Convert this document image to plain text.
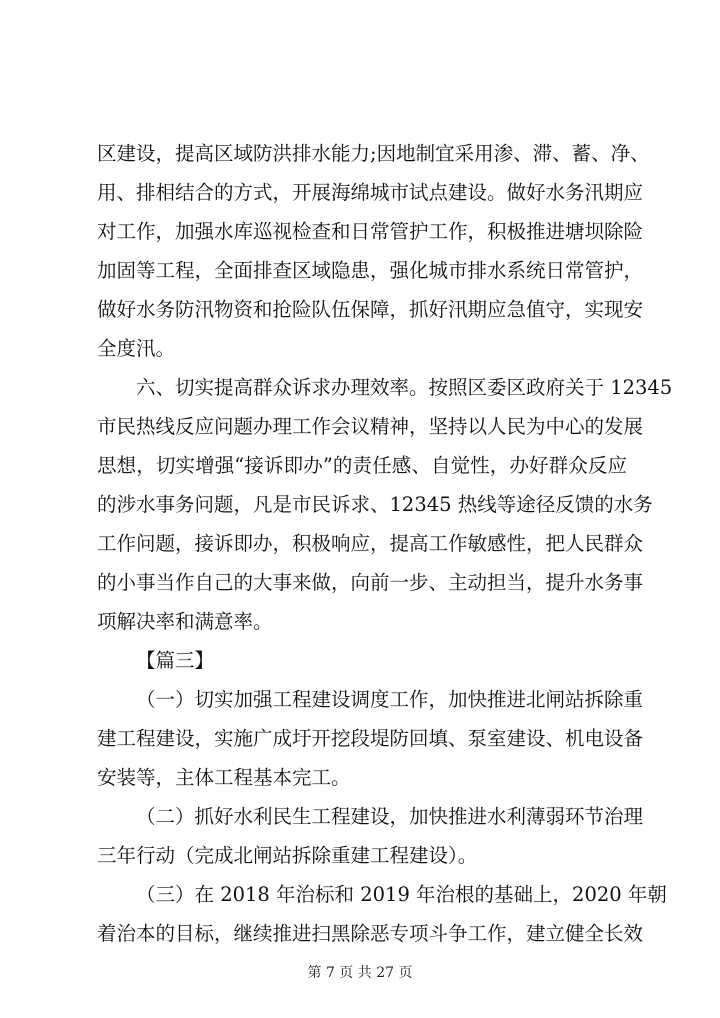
区建设，提高区域防洪排水能力;因地制宜采用渗、滞、蓄、净、
用、排相结合的方式，开展海绵城市试点建设。做好水务汛期应
对工作，加强水库巡视检查和日常管护工作，积极推进塘坝除险
加固等工程，全面排查区域隐患，强化城市排水系统日常管护，
做好水务防汛物资和抢险队伍保障，抓好汛期应急值守，实现安
全度汛。
六、切实提高群众诉求办理效率。按照区委区政府关于 12345
市民热线反应问题办理工作会议精神，坚持以人民为中心的发展
思想，切实增强“接诉即办”的责任感、自觉性，办好群众反应
的涉水事务问题，凡是市民诉求、12345 热线等途径反馈的水务
工作问题，接诉即办，积极响应，提高工作敏感性，把人民群众
的小事当作自己的大事来做，向前一步、主动担当，提升水务事
项解决率和满意率。
【篇三】
（一）切实加强工程建设调度工作，加快推进北闸站拆除重
建工程建设，实施广成圩开挖段堤防回填、泵室建设、机电设备
安装等，主体工程基本完工。
（二）抓好水利民生工程建设，加快推进水利薄弱环节治理
三年行动（完成北闸站拆除重建工程建设）。
（三）在 2018 年治标和 2019 年治根的基础上，2020 年朝
着治本的目标，继续推进扫黑除恶专项斗争工作，建立健全长效
第 7 页 共 27 页
